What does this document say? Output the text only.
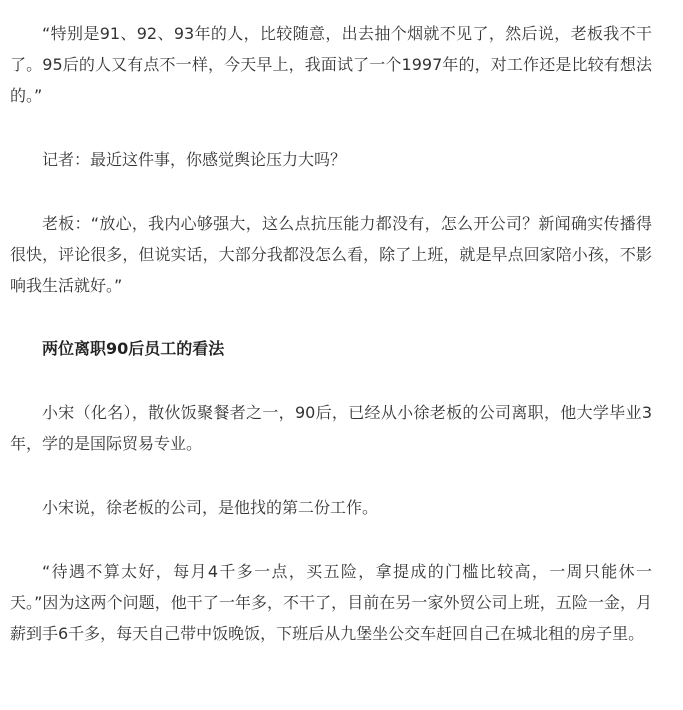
“特别是91、92、93年的人，比较随意，出去抽个烟就不见了，然后说，老板我不干了。95后的人又有点不一样，今天早上，我面试了一个1997年的，对工作还是比较有想法的。”

记者：最近这件事，你感觉舆论压力大吗？

老板：“放心，我内心够强大，这么点抗压能力都没有，怎么开公司？新闻确实传播得很快，评论很多，但说实话，大部分我都没怎么看，除了上班，就是早点回家陪小孩，不影响我生活就好。”

两位离职90后员工的看法

小宋（化名），散伙饭聚餐者之一，90后，已经从小徐老板的公司离职，他大学毕业3年，学的是国际贸易专业。

小宋说，徐老板的公司，是他找的第二份工作。

“待遇不算太好，每月4千多一点，买五险，拿提成的门槛比较高，一周只能休一天。”因为这两个问题，他干了一年多，不干了，目前在另一家外贸公司上班，五险一金，月薪到手6千多，每天自己带中饭晚饭，下班后从九堡坐公交车赶回自己在城北租的房子里。
